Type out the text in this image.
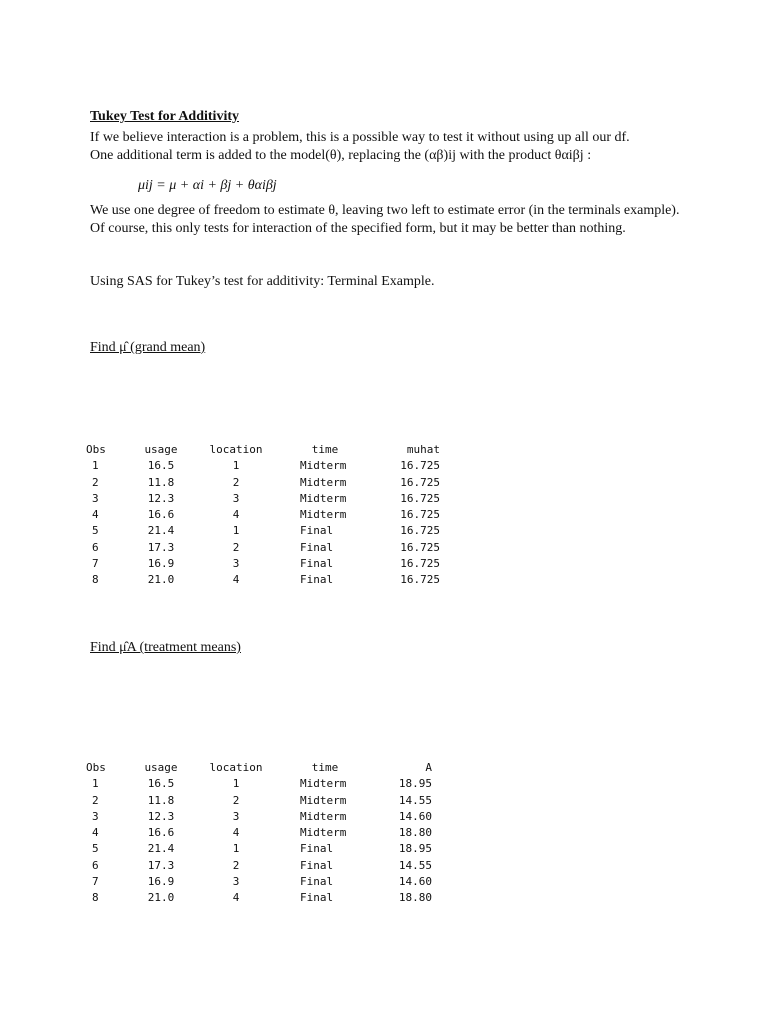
Tukey Test for Additivity
If we believe interaction is a problem, this is a possible way to test it without using up all our df.
One additional term is added to the model(θ), replacing the (αβ)ij with the product θαiβj :
μij = μ + αi + βj + θαiβj
We use one degree of freedom to estimate θ, leaving two left to estimate error (in the terminals example). Of course, this only tests for interaction of the specified form, but it may be better than nothing.
Using SAS for Tukey’s test for additivity: Terminal Example.
Find μ̂ (grand mean)
Obs	usage	location	time	muhat
1	16.5	1	Midterm	16.725
2	11.8	2	Midterm	16.725
3	12.3	3	Midterm	16.725
4	16.6	4	Midterm	16.725
5	21.4	1	Final	16.725
6	17.3	2	Final	16.725
7	16.9	3	Final	16.725
8	21.0	4	Final	16.725
Find μ̂A (treatment means)
Obs	usage	location	time	A
1	16.5	1	Midterm	18.95
2	11.8	2	Midterm	14.55
3	12.3	3	Midterm	14.60
4	16.6	4	Midterm	18.80
5	21.4	1	Final	18.95
6	17.3	2	Final	14.55
7	16.9	3	Final	14.60
8	21.0	4	Final	18.80
